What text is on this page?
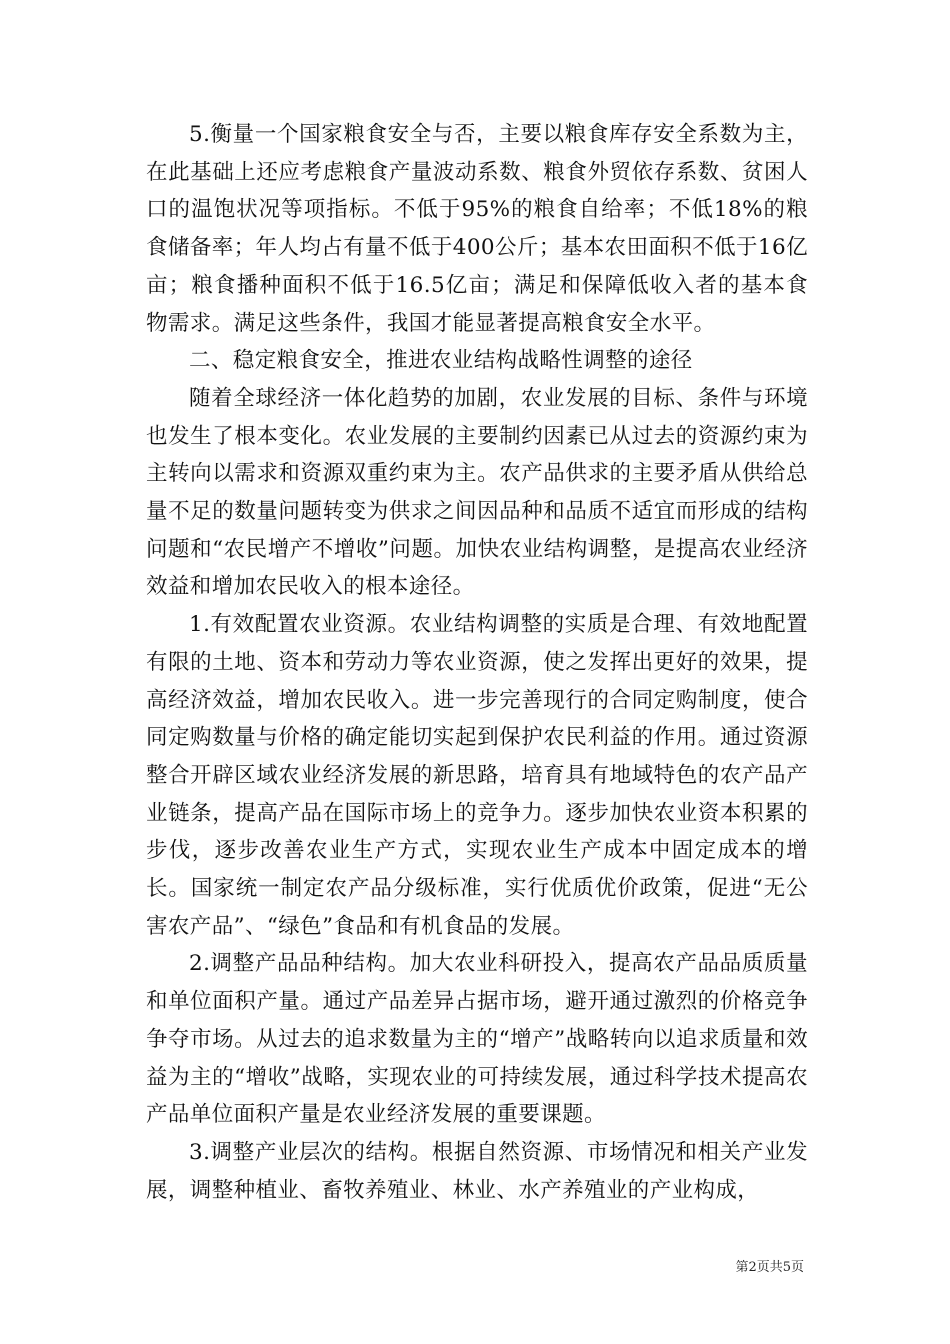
5.衡量一个国家粮食安全与否，主要以粮食库存安全系数为主，在此基础上还应考虑粮食产量波动系数、粮食外贸依存系数、贫困人口的温饱状况等项指标。不低于95%的粮食自给率；不低18%的粮食储备率；年人均占有量不低于400公斤；基本农田面积不低于16亿亩；粮食播种面积不低于16.5亿亩；满足和保障低收入者的基本食物需求。满足这些条件，我国才能显著提高粮食安全水平。

二、稳定粮食安全，推进农业结构战略性调整的途径

随着全球经济一体化趋势的加剧，农业发展的目标、条件与环境也发生了根本变化。农业发展的主要制约因素已从过去的资源约束为主转向以需求和资源双重约束为主。农产品供求的主要矛盾从供给总量不足的数量问题转变为供求之间因品种和品质不适宜而形成的结构问题和“农民增产不增收”问题。加快农业结构调整，是提高农业经济效益和增加农民收入的根本途径。

1.有效配置农业资源。农业结构调整的实质是合理、有效地配置有限的土地、资本和劳动力等农业资源，使之发挥出更好的效果，提高经济效益，增加农民收入。进一步完善现行的合同定购制度，使合同定购数量与价格的确定能切实起到保护农民利益的作用。通过资源整合开辟区域农业经济发展的新思路，培育具有地域特色的农产品产业链条，提高产品在国际市场上的竞争力。逐步加快农业资本积累的步伐，逐步改善农业生产方式，实现农业生产成本中固定成本的增长。国家统一制定农产品分级标准，实行优质优价政策，促进“无公害农产品”、“绿色”食品和有机食品的发展。

2.调整产品品种结构。加大农业科研投入，提高农产品品质质量和单位面积产量。通过产品差异占据市场，避开通过激烈的价格竞争争夺市场。从过去的追求数量为主的“增产”战略转向以追求质量和效益为主的“增收”战略，实现农业的可持续发展，通过科学技术提高农产品单位面积产量是农业经济发展的重要课题。

3.调整产业层次的结构。根据自然资源、市场情况和相关产业发展，调整种植业、畜牧养殖业、林业、水产养殖业的产业构成，

第2页共5页
